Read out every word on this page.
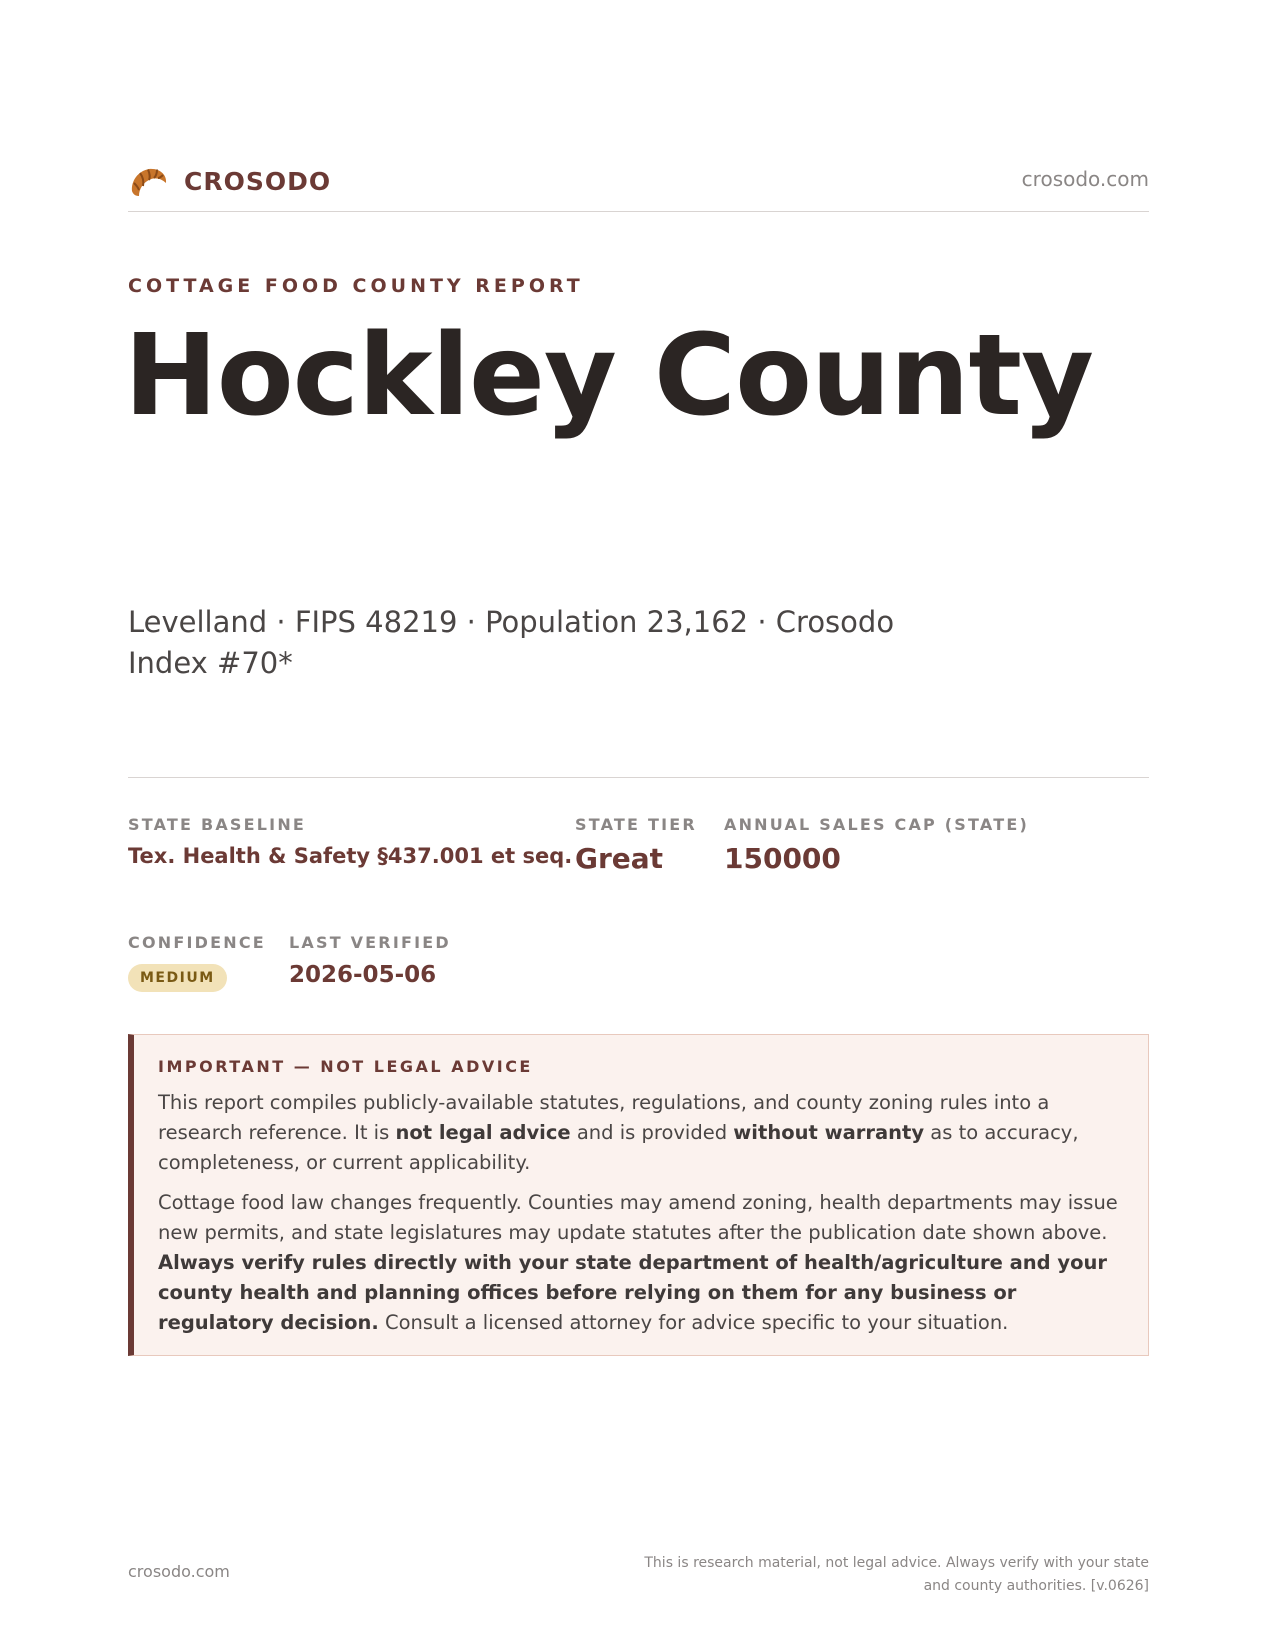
CROSODO	crosodo.com
COTTAGE FOOD COUNTY REPORT
Hockley County
Levelland · FIPS 48219 · Population 23,162 · Crosodo Index #70*
STATE BASELINE
Tex. Health & Safety §437.001 et seq.
STATE TIER
Great
ANNUAL SALES CAP (STATE)
150000
CONFIDENCE
MEDIUM
LAST VERIFIED
2026-05-06
IMPORTANT — NOT LEGAL ADVICE

This report compiles publicly-available statutes, regulations, and county zoning rules into a research reference. It is not legal advice and is provided without warranty as to accuracy, completeness, or current applicability.

Cottage food law changes frequently. Counties may amend zoning, health departments may issue new permits, and state legislatures may update statutes after the publication date shown above. Always verify rules directly with your state department of health/agriculture and your county health and planning offices before relying on them for any business or regulatory decision. Consult a licensed attorney for advice specific to your situation.

crosodo.com	This is research material, not legal advice. Always verify with your state and county authorities. [v.0626]
